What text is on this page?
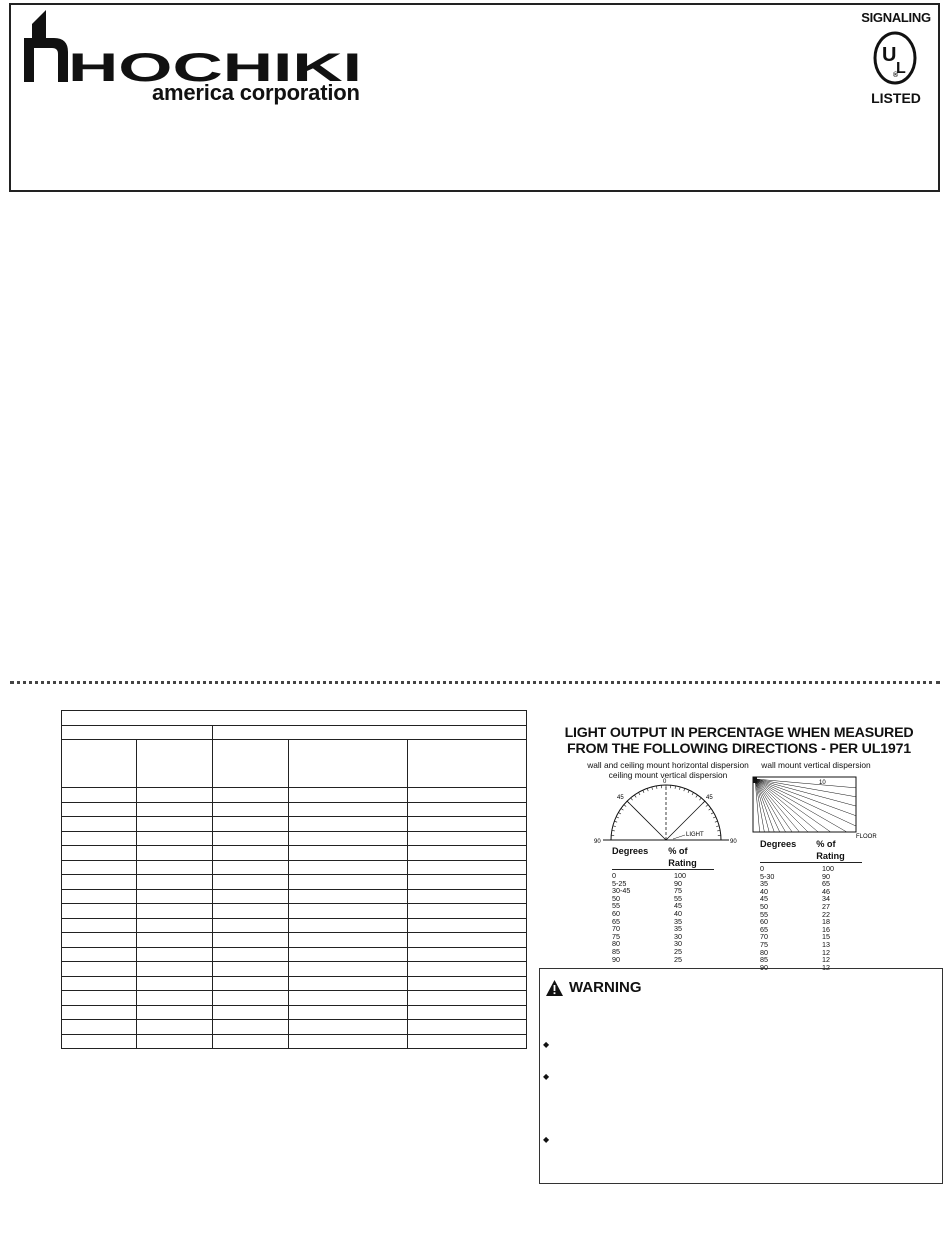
HOCHIKI
america corporation
SIGNALING
U
L
®
LISTED

LIGHT OUTPUT IN PERCENTAGE WHEN MEASURED
FROM THE FOLLOWING DIRECTIONS - PER UL1971
wall and ceiling mount horizontal dispersion
ceiling mount vertical dispersion
wall mount vertical dispersion
0
45	45
90	90
LIGHT
10
FLOOR
Degrees	% of Rating
0	100
5-25	90
30-45	75
50	55
55	45
60	40
65	35
70	35
75	30
80	30
85	25
90	25
Degrees	% of Rating
0	100
5-30	90
35	65
40	46
45	34
50	27
55	22
60	18
65	16
70	15
75	13
80	12
85	12
90	12
WARNING
◆
◆
◆
